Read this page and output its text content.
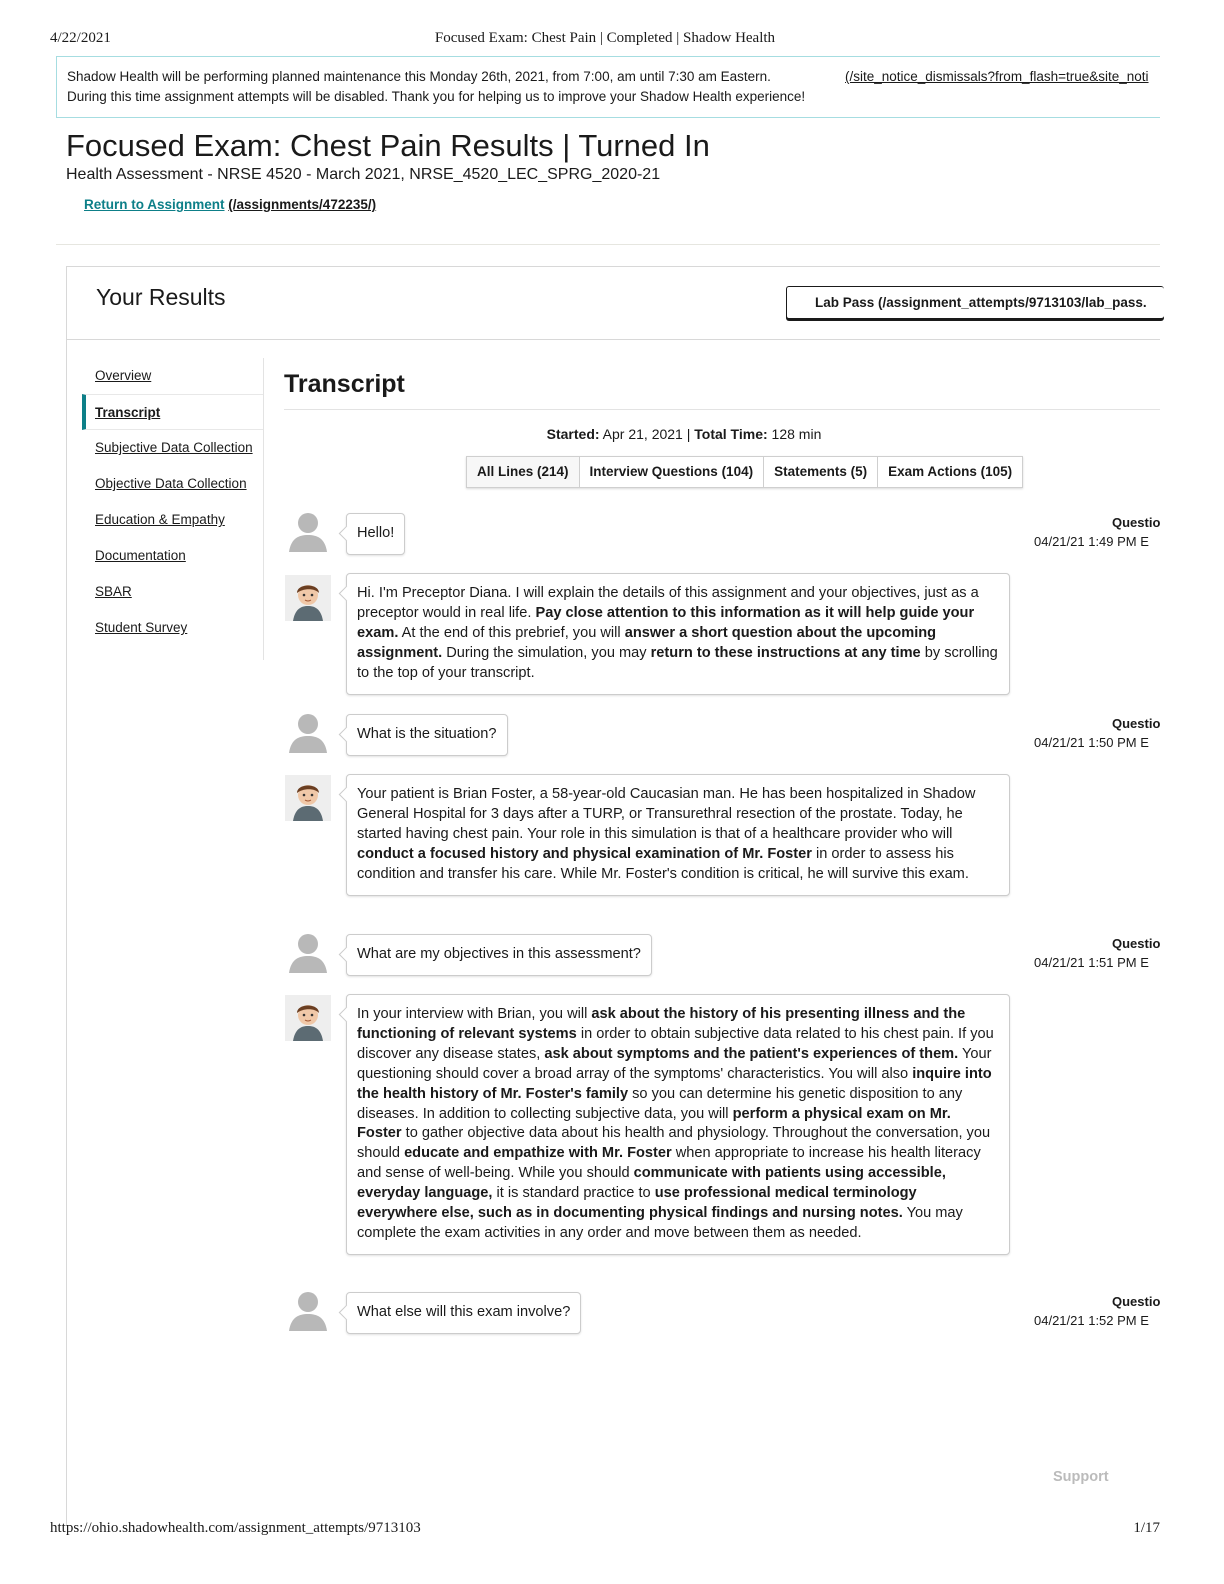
4/22/2021	Focused Exam: Chest Pain | Completed | Shadow Health
Shadow Health will be performing planned maintenance this Monday 26th, 2021, from 7:00, am until 7:30 am Eastern.
During this time assignment attempts will be disabled. Thank you for helping us to improve your Shadow Health experience!
(/site_notice_dismissals?from_flash=true&site_noti
Focused Exam: Chest Pain Results | Turned In
Health Assessment - NRSE 4520 - March 2021, NRSE_4520_LEC_SPRG_2020-21
Return to Assignment (/assignments/472235/)
Your Results	Lab Pass (/assignment_attempts/9713103/lab_pass.
Overview
Transcript
Subjective Data Collection
Objective Data Collection
Education & Empathy
Documentation
SBAR
Student Survey
Transcript
Started: Apr 21, 2021 | Total Time: 128 min
All Lines (214)	Interview Questions (104)	Statements (5)	Exam Actions (105)
Hello!
Questio
04/21/21 1:49 PM E
Hi. I'm Preceptor Diana. I will explain the details of this assignment and your objectives, just as a preceptor would in real life. Pay close attention to this information as it will help guide your exam. At the end of this prebrief, you will answer a short question about the upcoming assignment. During the simulation, you may return to these instructions at any time by scrolling to the top of your transcript.
What is the situation?
Questio
04/21/21 1:50 PM E
Your patient is Brian Foster, a 58-year-old Caucasian man. He has been hospitalized in Shadow General Hospital for 3 days after a TURP, or Transurethral resection of the prostate. Today, he started having chest pain. Your role in this simulation is that of a healthcare provider who will conduct a focused history and physical examination of Mr. Foster in order to assess his condition and transfer his care. While Mr. Foster's condition is critical, he will survive this exam.
What are my objectives in this assessment?
Questio
04/21/21 1:51 PM E
In your interview with Brian, you will ask about the history of his presenting illness and the functioning of relevant systems in order to obtain subjective data related to his chest pain. If you discover any disease states, ask about symptoms and the patient's experiences of them. Your questioning should cover a broad array of the symptoms' characteristics. You will also inquire into the health history of Mr. Foster's family so you can determine his genetic disposition to any diseases. In addition to collecting subjective data, you will perform a physical exam on Mr. Foster to gather objective data about his health and physiology. Throughout the conversation, you should educate and empathize with Mr. Foster when appropriate to increase his health literacy and sense of well-being. While you should communicate with patients using accessible, everyday language, it is standard practice to use professional medical terminology everywhere else, such as in documenting physical findings and nursing notes. You may complete the exam activities in any order and move between them as needed.
What else will this exam involve?
Questio
04/21/21 1:52 PM E
Support
https://ohio.shadowhealth.com/assignment_attempts/9713103	1/17
